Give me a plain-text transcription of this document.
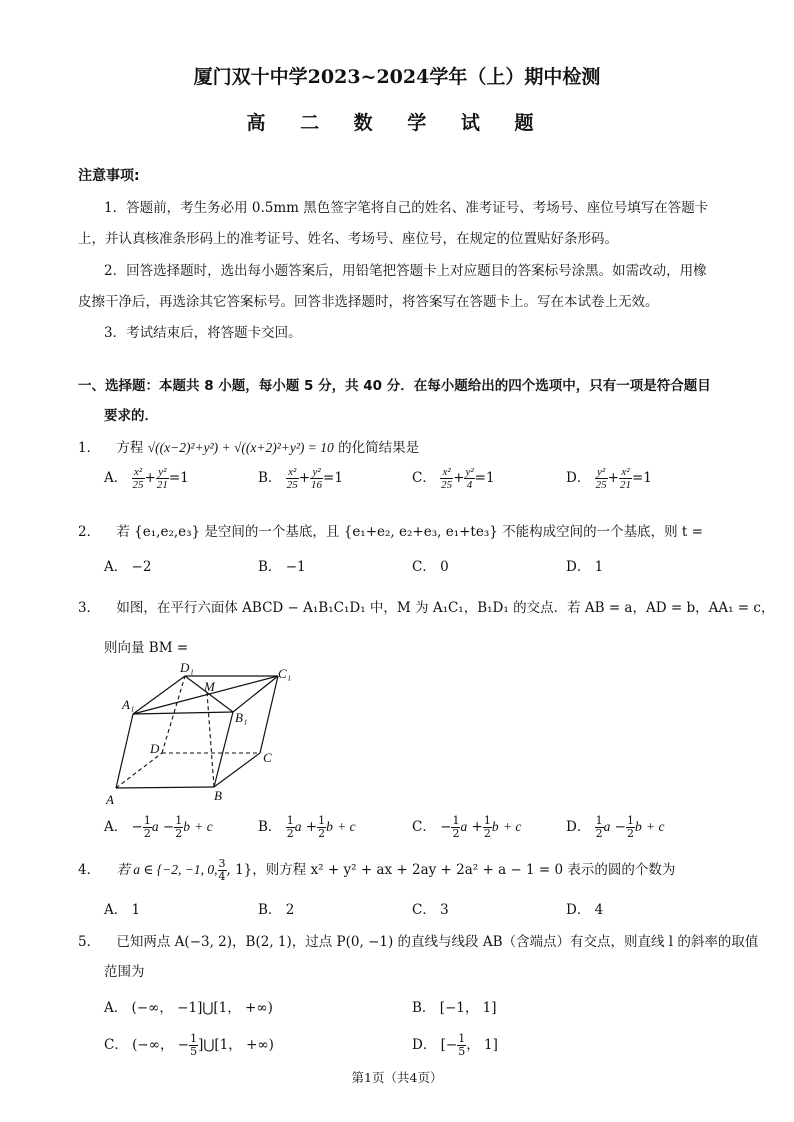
厦门双十中学2023~2024学年（上）期中检测
高 二 数 学 试 题
注意事项:
1．答题前，考生务必用 0.5mm 黑色签字笔将自己的姓名、准考证号、考场号、座位号填写在答题卡
上，并认真核准条形码上的准考证号、姓名、考场号、座位号，在规定的位置贴好条形码。
2．回答选择题时，选出每小题答案后，用铅笔把答题卡上对应题目的答案标号涂黑。如需改动，用橡
皮擦干净后，再选涂其它答案标号。回答非选择题时，将答案写在答题卡上。写在本试卷上无效。
3．考试结束后，将答题卡交回。
一、选择题：本题共 8 小题，每小题 5 分，共 40 分．在每小题给出的四个选项中，只有一项是符合题目
要求的．
1． 方程 √((x−2)²+y²) + √((x+2)²+y²) = 10 的化简结果是
A． $\frac{\text{x²}}{25} + \frac{\text{y²}}{21} =1$	B． $\frac{\text{x²}}{25} + \frac{\text{y²}}{16} =1$	C． $\frac{\text{x²}}{25} + \frac{\text{y²}}{4} =1$	D． $\frac{\text{y²}}{25} + \frac{\text{x²}}{21} =1$
2． 若 {e₁,e₂,e₃} 是空间的一个基底，且 {e₁+e₂, e₂+e₃, e₁+te₃} 不能构成空间的一个基底，则 t =
A． −2	B． −1	C． 0	D． 1
3． 如图，在平行六面体 ABCD − A₁B₁C₁D₁ 中，M 为 A₁C₁，B₁D₁ 的交点．若 AB = a，AD = b，AA₁ = c，
则向量 BM =
D₁	C₁
A₁
B₁
M
D
C
A	B
A． − $\frac{1}{2}$ $a - \frac{1}{2}$ b + c	B． $\frac{1}{2}$ $a + \frac{1}{2}$ b + c	C． − $\frac{1}{2}$ $a + \frac{1}{2}$ b + c	D． $\frac{1}{2}$ $a - \frac{1}{2}$ b + c
4． 若 a ∈ {−2, −1, 0, $\frac{3}{4}$ , 1}，则方程 x² + y² + ax + 2ay + 2a² + a − 1 = 0 表示的圆的个数为
A． 1	B． 2	C． 3	D． 4
5． 已知两点 A(−3, 2)，B(2, 1)，过点 P(0, −1) 的直线与线段 AB（含端点）有交点，则直线 l 的斜率的取值
范围为
A． (−∞， −1]⋃[1， +∞)	B． [−1， 1]
C． (−∞， − $\frac{1}{5}$ ]⋃[1， +∞)	D． [− $\frac{1}{5}$ ， 1]
第1页（共4页）
